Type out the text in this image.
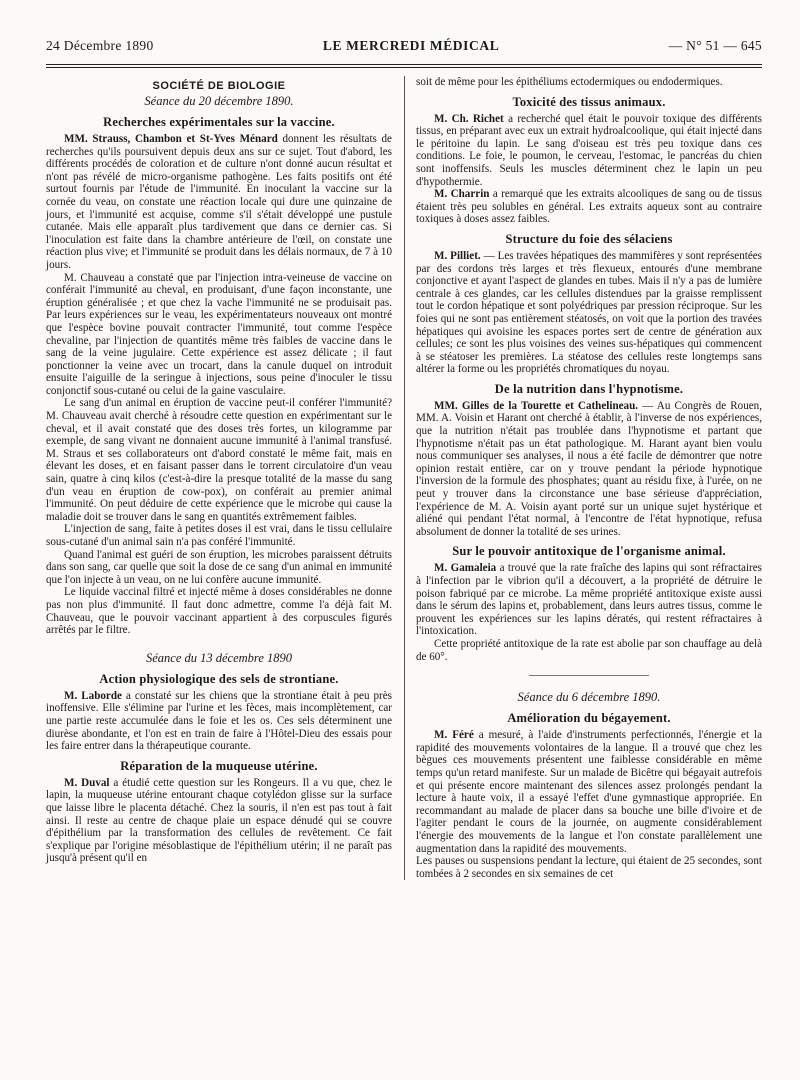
24 Décembre 1890	LE MERCREDI MÉDICAL	— N° 51 — 645
SOCIÉTÉ DE BIOLOGIE
Séance du 20 décembre 1890.
Recherches expérimentales sur la vaccine.

MM. Strauss, Chambon et St-Yves Ménard donnent les résultats de recherches qu'ils poursuivent depuis deux ans sur ce sujet. Tout d'abord, les différents procédés de coloration et de culture n'ont donné aucun résultat et n'ont pas révélé de micro-organisme pathogène. Les faits positifs ont été surtout fournis par l'étude de l'immunité. En inoculant la vaccine sur la cornée du veau, on constate une réaction locale qui dure une quinzaine de jours, et l'immunité est acquise, comme s'il s'était développé une pustule cutanée. Mais elle apparaît plus tardivement que dans ce dernier cas. Si l'inoculation est faite dans la chambre antérieure de l'œil, on constate une réaction plus vive; et l'immunité se produit dans les délais normaux, de 7 à 10 jours.

M. Chauveau a constaté que par l'injection intra-veineuse de vaccine on conférait l'immunité au cheval, en produisant, d'une façon inconstante, une éruption généralisée ; et que chez la vache l'immunité ne se produisait pas. Par leurs expériences sur le veau, les expérimentateurs nouveaux ont montré que l'espèce bovine pouvait contracter l'immunité, tout comme l'espèce chevaline, par l'injection de quantités même très faibles de vaccine dans le sang de la veine jugulaire. Cette expérience est assez délicate ; il faut ponctionner la veine avec un trocart, dans la canule duquel on introduit ensuite l'aiguille de la seringue à injections, sous peine d'inoculer le tissu conjonctif sous-cutané ou celui de la gaine vasculaire.

Le sang d'un animal en éruption de vaccine peut-il conférer l'immunité? M. Chauveau avait cherché à résoudre cette question en expérimentant sur le cheval, et il avait constaté que des doses très fortes, un kilogramme par exemple, de sang vivant ne donnaient aucune immunité à l'animal transfusé. M. Straus et ses collaborateurs ont d'abord constaté le même fait, mais en élevant les doses, et en faisant passer dans le torrent circulatoire d'un veau sain, quatre à cinq kilos (c'est-à-dire la presque totalité de la masse du sang d'un veau en éruption de cow-pox), on conférait au premier animal l'immunité. On peut déduire de cette expérience que le microbe qui cause la maladie doit se trouver dans le sang en quantités extrêmement faibles.

L'injection de sang, faite à petites doses il est vrai, dans le tissu cellulaire sous-cutané d'un animal sain n'a pas conféré l'immunité.

Quand l'animal est guéri de son éruption, les microbes paraissent détruits dans son sang, car quelle que soit la dose de ce sang d'un animal en immunité que l'on injecte à un veau, on ne lui confère aucune immunité.

Le liquide vaccinal filtré et injecté même à doses considérables ne donne pas non plus d'immunité. Il faut donc admettre, comme l'a déjà fait M. Chauveau, que le pouvoir vaccinant appartient à des corpuscules figurés arrêtés par le filtre.

Séance du 13 décembre 1890
Action physiologique des sels de strontiane.

M. Laborde a constaté sur les chiens que la strontiane était à peu près inoffensive. Elle s'élimine par l'urine et les fèces, mais incomplètement, car une partie reste accumulée dans le foie et les os. Ces sels déterminent une diurèse abondante, et l'on est en train de faire à l'Hôtel-Dieu des essais pour les faire entrer dans la thérapeutique courante.

Réparation de la muqueuse utérine.

M. Duval a étudié cette question sur les Rongeurs. Il a vu que, chez le lapin, la muqueuse utérine entourant chaque cotylédon glisse sur la surface que laisse libre le placenta détaché. Chez la souris, il n'en est pas tout à fait ainsi. Il reste au centre de chaque plaie un espace dénudé qui se couvre d'épithélium par la transformation des cellules de revêtement. Ce fait s'explique par l'origine mésoblastique de l'épithélium utérin; il ne paraît pas jusqu'à présent qu'il en

soit de même pour les épithéliums ectodermiques ou endodermiques.

Toxicité des tissus animaux.

M. Ch. Richet a recherché quel était le pouvoir toxique des différents tissus, en préparant avec eux un extrait hydroalcoolique, qui était injecté dans le péritoine du lapin. Le sang d'oiseau est très peu toxique dans ces conditions. Le foie, le poumon, le cerveau, l'estomac, le pancréas du chien sont inoffensifs. Seuls les muscles déterminent chez le lapin un peu d'hypothermie.

M. Charrin a remarqué que les extraits alcooliques de sang ou de tissus étaient très peu solubles en général. Les extraits aqueux sont au contraire toxiques à doses assez faibles.

Structure du foie des sélaciens

M. Pilliet. — Les travées hépatiques des mammifères y sont représentées par des cordons très larges et très flexueux, entourés d'une membrane conjonctive et ayant l'aspect de glandes en tubes. Mais il n'y a pas de lumière centrale à ces glandes, car les cellules distendues par la graisse remplissent tout le cordon hépatique et sont polyédriques par pression réciproque. Sur les foies qui ne sont pas entièrement stéatosés, on voit que la portion des travées hépatiques qui avoisine les espaces portes sert de centre de génération aux cellules; ce sont les plus voisines des veines sus-hépatiques qui commencent à se stéatoser les premières. La stéatose des cellules reste longtemps sans altérer la forme ou les propriétés chromatiques du noyau.

De la nutrition dans l'hypnotisme.

MM. Gilles de la Tourette et Cathelineau. — Au Congrès de Rouen, MM. A. Voisin et Harant ont cherché à établir, à l'inverse de nos expériences, que la nutrition n'était pas troublée dans l'hypnotisme et partant que l'hypnotisme n'était pas un état pathologique. M. Harant ayant bien voulu nous communiquer ses analyses, il nous a été facile de démontrer que notre opinion restait entière, car on y trouve pendant la période hypnotique l'inversion de la formule des phosphates; quant au résidu fixe, à l'urée, on ne peut y trouver dans la circonstance une base sérieuse d'appréciation, l'expérience de M. A. Voisin ayant porté sur un unique sujet hystérique et aliéné qui pendant l'état normal, à l'encontre de l'état hypnotique, refusa absolument de donner la totalité de ses urines.

Sur le pouvoir antitoxique de l'organisme animal.

M. Gamaleia a trouvé que la rate fraîche des lapins qui sont réfractaires à l'infection par le vibrion qu'il a découvert, a la propriété de détruire le poison fabriqué par ce microbe. La même propriété antitoxique existe aussi dans le sérum des lapins et, probablement, dans leurs autres tissus, comme le prouvent les expériences sur les lapins dératés, qui restent réfractaires à l'intoxication.

Cette propriété antitoxique de la rate est abolie par son chauffage au delà de 60°.

Séance du 6 décembre 1890.
Amélioration du bégayement.

M. Féré a mesuré, à l'aide d'instruments perfectionnés, l'énergie et la rapidité des mouvements volontaires de la langue. Il a trouvé que chez les bègues ces mouvements présentent une faiblesse considérable en même temps qu'un retard manifeste. Sur un malade de Bicêtre qui bégayait autrefois et qui présente encore maintenant des silences assez prolongés pendant la lecture à haute voix, il a essayé l'effet d'une gymnastique appropriée. En recommandant au malade de placer dans sa bouche une bille d'ivoire et de l'agiter pendant le cours de la journée, on augmente considérablement l'énergie des mouvements de la langue et l'on constate parallèlement une augmentation dans la rapidité des mouvements.

Les pauses ou suspensions pendant la lecture, qui étaient de 25 secondes, sont tombées à 2 secondes en six semaines de cet
